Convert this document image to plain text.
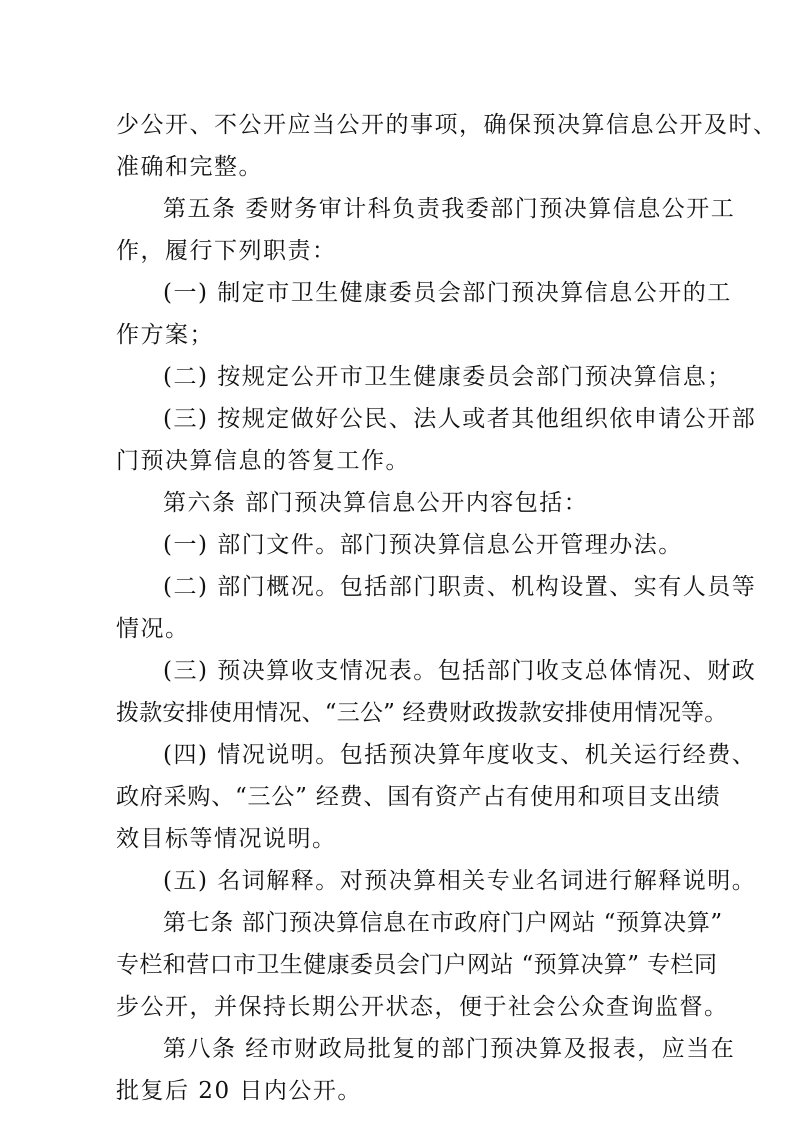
少公开、不公开应当公开的事项，确保预决算信息公开及时、
准确和完整。
第五条 委财务审计科负责我委部门预决算信息公开工
作，履行下列职责：
(一) 制定市卫生健康委员会部门预决算信息公开的工
作方案；
(二) 按规定公开市卫生健康委员会部门预决算信息；
(三) 按规定做好公民、法人或者其他组织依申请公开部
门预决算信息的答复工作。
第六条 部门预决算信息公开内容包括：
(一) 部门文件。部门预决算信息公开管理办法。
(二) 部门概况。包括部门职责、机构设置、实有人员等
情况。
(三) 预决算收支情况表。包括部门收支总体情况、财政
拨款安排使用情况、“三公” 经费财政拨款安排使用情况等。
(四) 情况说明。包括预决算年度收支、机关运行经费、
政府采购、“三公” 经费、国有资产占有使用和项目支出绩
效目标等情况说明。
(五) 名词解释。对预决算相关专业名词进行解释说明。
第七条 部门预决算信息在市政府门户网站 “预算决算”
专栏和营口市卫生健康委员会门户网站 “预算决算” 专栏同
步公开，并保持长期公开状态，便于社会公众查询监督。
第八条 经市财政局批复的部门预决算及报表，应当在
批复后 20 日内公开。
